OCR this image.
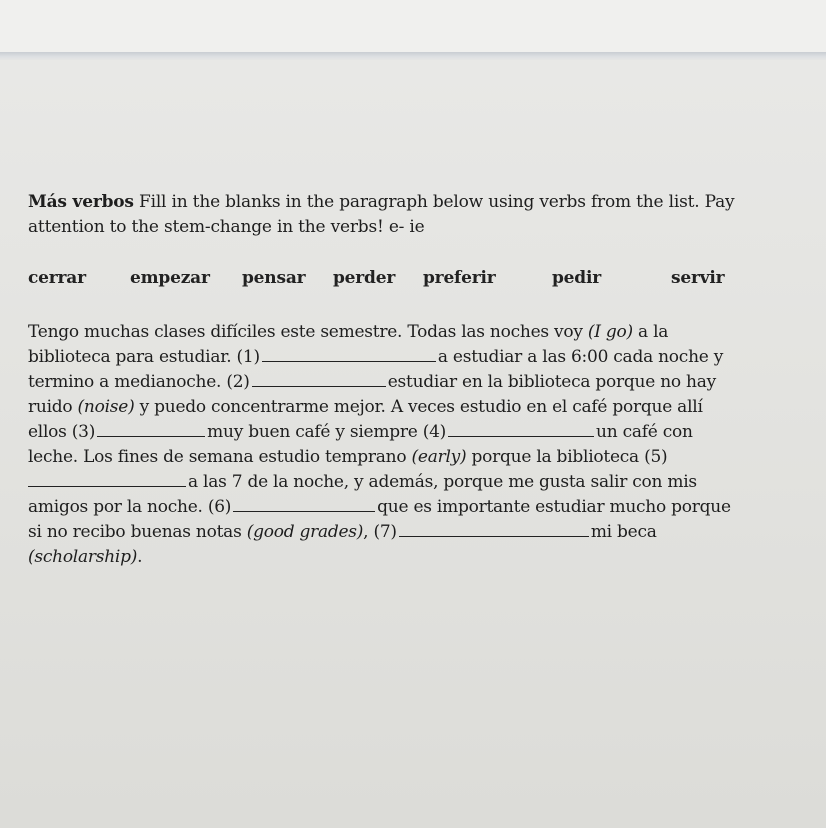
Más verbos Fill in the blanks in the paragraph below using verbs from the list. Pay
attention to the stem-change in the verbs! e- ie
cerrar	empezar pensar perder preferir	pedir	servir
Tengo muchas clases difíciles este semestre. Todas las noches voy (I go) a la
biblioteca para estudiar. (1)	a estudiar a las 6:00 cada noche y
termino a medianoche. (2)	estudiar en la biblioteca porque no hay
ruido (noise) y puedo concentrarme mejor. A veces estudio en el café porque allí
ellos (3)	muy buen café y siempre (4)	un café con
leche. Los fines de semana estudio temprano (early) porque la biblioteca (5)
a las 7 de la noche, y además, porque me gusta salir con mis
amigos por la noche. (6)	que es importante estudiar mucho porque
si no recibo buenas notas (good grades), (7)	mi beca
(scholarship).
